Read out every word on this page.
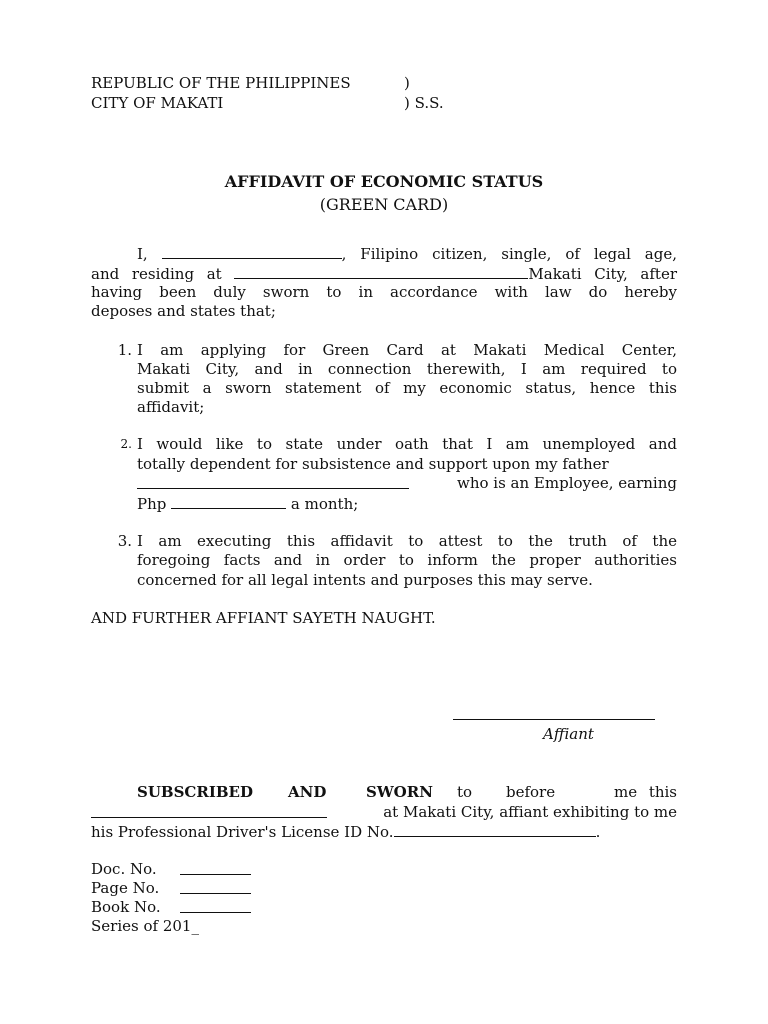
REPUBLIC OF THE PHILIPPINES	)
CITY OF MAKATI	) S.S.
AFFIDAVIT OF ECONOMIC STATUS
(GREEN CARD)
I,	, Filipino citizen, single, of legal age,
and residing at	Makati City, after
having been duly sworn to in accordance with law do hereby
deposes and states that;
1. I am applying for Green Card at Makati Medical Center,
Makati City, and in connection therewith, I am required to
submit a sworn statement of my economic status, hence this
affidavit;
2. I would like to state under oath that I am unemployed and
totally dependent for subsistence and support upon my father
who is an Employee, earning
Php	a month;
3. I am executing this affidavit to attest to the truth of the
foregoing facts and in order to inform the proper authorities
concerned for all legal intents and purposes this may serve.
AND FURTHER AFFIANT SAYETH NAUGHT.
Affiant
SUBSCRIBED AND	SWORN to before	me this
at Makati City, affiant exhibiting to me
his Professional Driver's License ID No.	.
Doc. No.
Page No.
Book No.
Series of 201_
